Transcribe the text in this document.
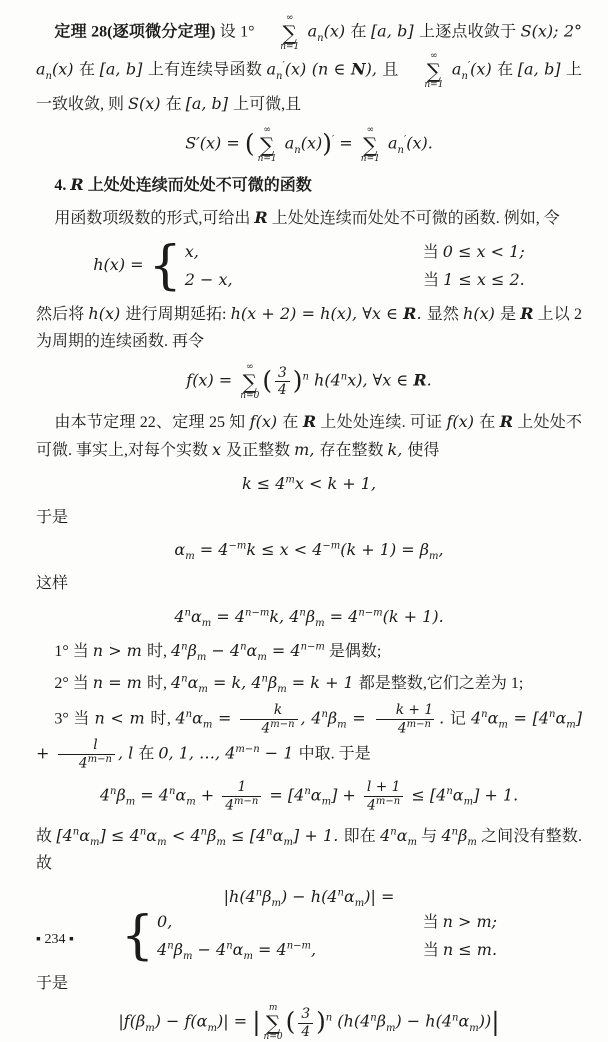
定理 28(逐项微分定理) 设 1°
∞
∑
n=1
$a_n(x)$ 在 [a, b] 上逐点收敛于 S(x); 2° $a_n(x)$ 在 [a, b] 上有连续导函数 $a_n'(x)$ (n ∈ N), 且
∞
∑
n=1
$a_n'(x)$ 在 [a, b] 上一致收敛, 则 S(x) 在 [a, b] 上可微,且
S′(x) = ( ∞
∑
n=1
$a_n(x))'$ =
∞
∑
n=1
$a_n'(x)$.
4. R 上处处连续而处处不可微的函数
用函数项级数的形式,可给出 R 上处处连续而处处不可微的函数. 例如, 令
h(x) = { x,	当 0 ≤ x < 1;
2 − x,	当 1 ≤ x ≤ 2.
然后将 h(x) 进行周期延拓: h(x + 2) = h(x), ∀x ∈ R. 显然 h(x) 是 R 上以 2 为周期的连续函数. 再令
f(x) =
∞
∑
n=0
( $\frac{3}{4} )^n$ h(4$^n$x), ∀x ∈ R.
由本节定理 22、定理 25 知 f(x) 在 R 上处处连续. 可证 f(x) 在 R 上处处不可微. 事实上,对每个实数 x 及正整数 m, 存在整数 k, 使得
$k \le 4^mx < k + 1$,
于是
$\alpha_m = 4^{-m}k \le x < 4^{-m}(k + 1) = \beta_m$,
这样
$4^n\alpha_m = 4^{n-m}k$, $4^n\beta_m = 4^{n-m}(k + 1)$.
1° 当 n > m 时, $4^n\beta_m - 4^n\alpha_m = 4^{n-m}$ 是偶数;
2° 当 n = m 时, $4^n\alpha_m = k$, $4^n\beta_m = k + 1$ 都是整数,它们之差为 1;
3° 当 n < m 时, $4^n\alpha_m = \frac{k}{4^{m-n}}$ , $4^n\beta_m = \frac{k + 1}{4^{m-n}}$ . 记 $4^n\alpha_m = [4^n\alpha_m] + \frac{l}{4^{m-n}}$ , l 在 0, 1, …, $4^{m-n} - 1$ 中取. 于是
$4^n\beta_m = 4^n\alpha_m + \frac{1}{4^{m-n}} = [4^n\alpha_m] + \frac{l + 1}{4^{m-n}} \le [4^n\alpha_m] + 1$.
故 $[4^n\alpha_m] \le 4^n\alpha_m < 4^n\beta_m \le [4^n\alpha_m] + 1$. 即在 $4^n\alpha_m$ 与 $4^n\beta_m$ 之间没有整数. 故
$|h(4^n\beta_m) - h(4^n\alpha_m)|$ =
{ 0,	当 n > m;
$4^n\beta_m - 4^n\alpha_m = 4^{n-m}$,	当 n ≤ m.
于是
$|f(\beta_m) - f(\alpha_m)|$ = | m
∑
n=0
( $\frac{3}{4} )^n$ $(h(4^n\beta_m) - h(4^n\alpha_m))|$
▪ 234 ▪
